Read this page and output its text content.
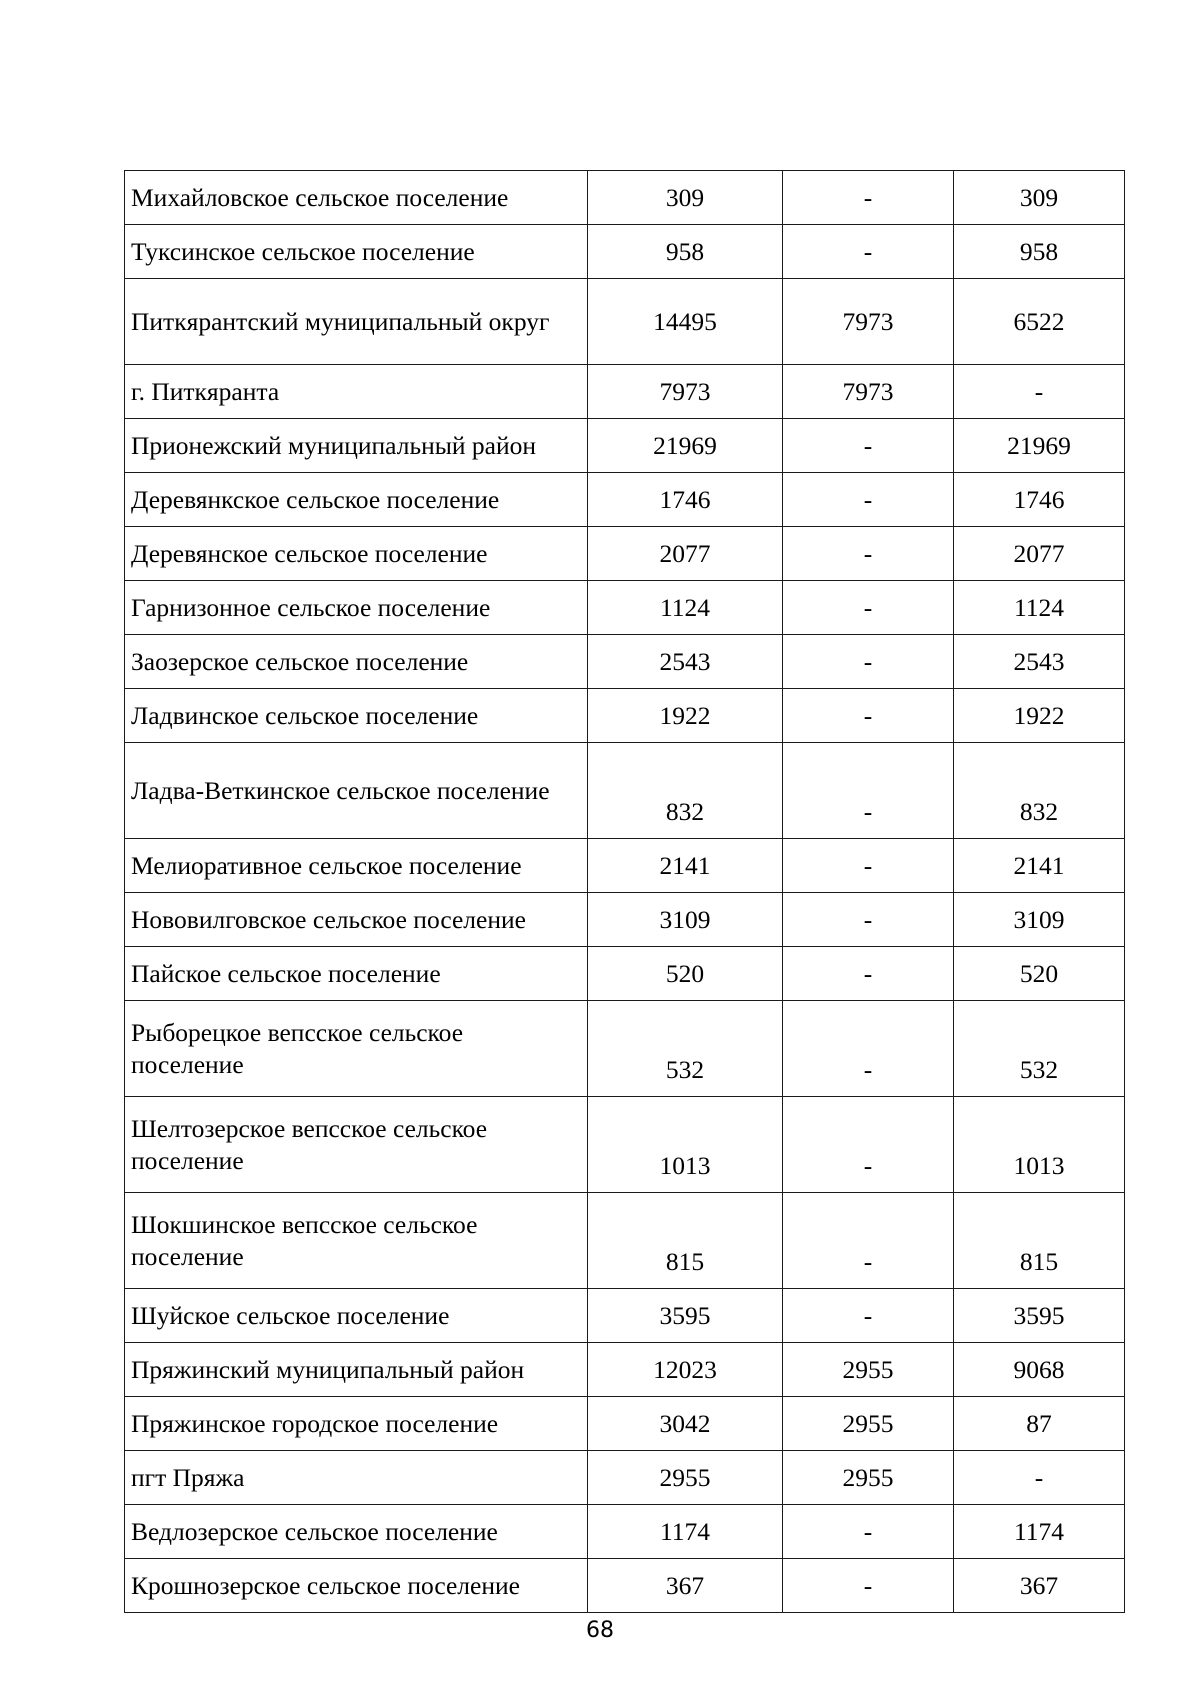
Михайловское сельское поселение	309	-	309
Туксинское сельское поселение	958	-	958
Питкярантский муниципальный округ	14495	7973	6522
г. Питкяранта	7973	7973	-
Прионежский муниципальный район	21969	-	21969
Деревянкское сельское поселение	1746	-	1746
Деревянское сельское поселение	2077	-	2077
Гарнизонное сельское поселение	1124	-	1124
Заозерское сельское поселение	2543	-	2543
Ладвинское сельское поселение	1922	-	1922
Ладва-Веткинское сельское поселение	832	-	832
Мелиоративное сельское поселение	2141	-	2141
Нововилговское сельское поселение	3109	-	3109
Пайское сельское поселение	520	-	520
Рыборецкое вепсское сельское поселение	532	-	532
Шелтозерское вепсское сельское поселение	1013	-	1013
Шокшинское вепсское сельское поселение	815	-	815
Шуйское сельское поселение	3595	-	3595
Пряжинский муниципальный район	12023	2955	9068
Пряжинское городское поселение	3042	2955	87
пгт Пряжа	2955	2955	-
Ведлозерское сельское поселение	1174	-	1174
Крошнозерское сельское поселение	367	-	367
68
